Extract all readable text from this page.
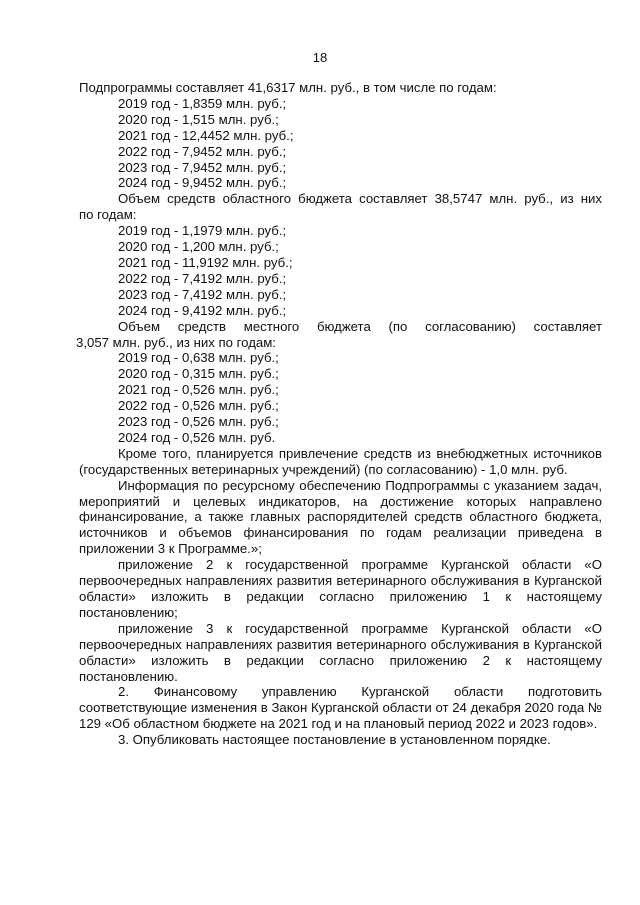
18
Подпрограммы составляет 41,6317 млн. руб., в том числе по годам:
2019 год - 1,8359 млн. руб.;
2020 год - 1,515 млн. руб.;
2021 год - 12,4452 млн. руб.;
2022 год - 7,9452 млн. руб.;
2023 год - 7,9452 млн. руб.;
2024 год - 9,9452 млн. руб.;
Объем средств областного бюджета составляет 38,5747 млн. руб., из них
по годам:
2019 год - 1,1979 млн. руб.;
2020 год - 1,200 млн. руб.;
2021 год - 11,9192 млн. руб.;
2022 год - 7,4192 млн. руб.;
2023 год - 7,4192 млн. руб.;
2024 год - 9,4192 млн. руб.;
Объем средств местного бюджета (по согласованию) составляет
3,057 млн. руб., из них по годам:
2019 год - 0,638 млн. руб.;
2020 год - 0,315 млн. руб.;
2021 год - 0,526 млн. руб.;
2022 год - 0,526 млн. руб.;
2023 год - 0,526 млн. руб.;
2024 год - 0,526 млн. руб.
Кроме того, планируется привлечение средств из внебюджетных источников (государственных ветеринарных учреждений) (по согласованию) - 1,0 млн. руб.
Информация по ресурсному обеспечению Подпрограммы с указанием задач, мероприятий и целевых индикаторов, на достижение которых направлено финансирование, а также главных распорядителей средств областного бюджета, источников и объемов финансирования по годам реализации приведена в приложении 3 к Программе.»;
приложение 2 к государственной программе Курганской области «О первоочередных направлениях развития ветеринарного обслуживания в Курганской области» изложить в редакции согласно приложению 1 к настоящему постановлению;
приложение 3 к государственной программе Курганской области «О первоочередных направлениях развития ветеринарного обслуживания в Курганской области» изложить в редакции согласно приложению 2 к настоящему постановлению.
2. Финансовому управлению Курганской области подготовить соответствующие изменения в Закон Курганской области от 24 декабря 2020 года № 129 «Об областном бюджете на 2021 год и на плановый период 2022 и 2023 годов».
3. Опубликовать настоящее постановление в установленном порядке.
